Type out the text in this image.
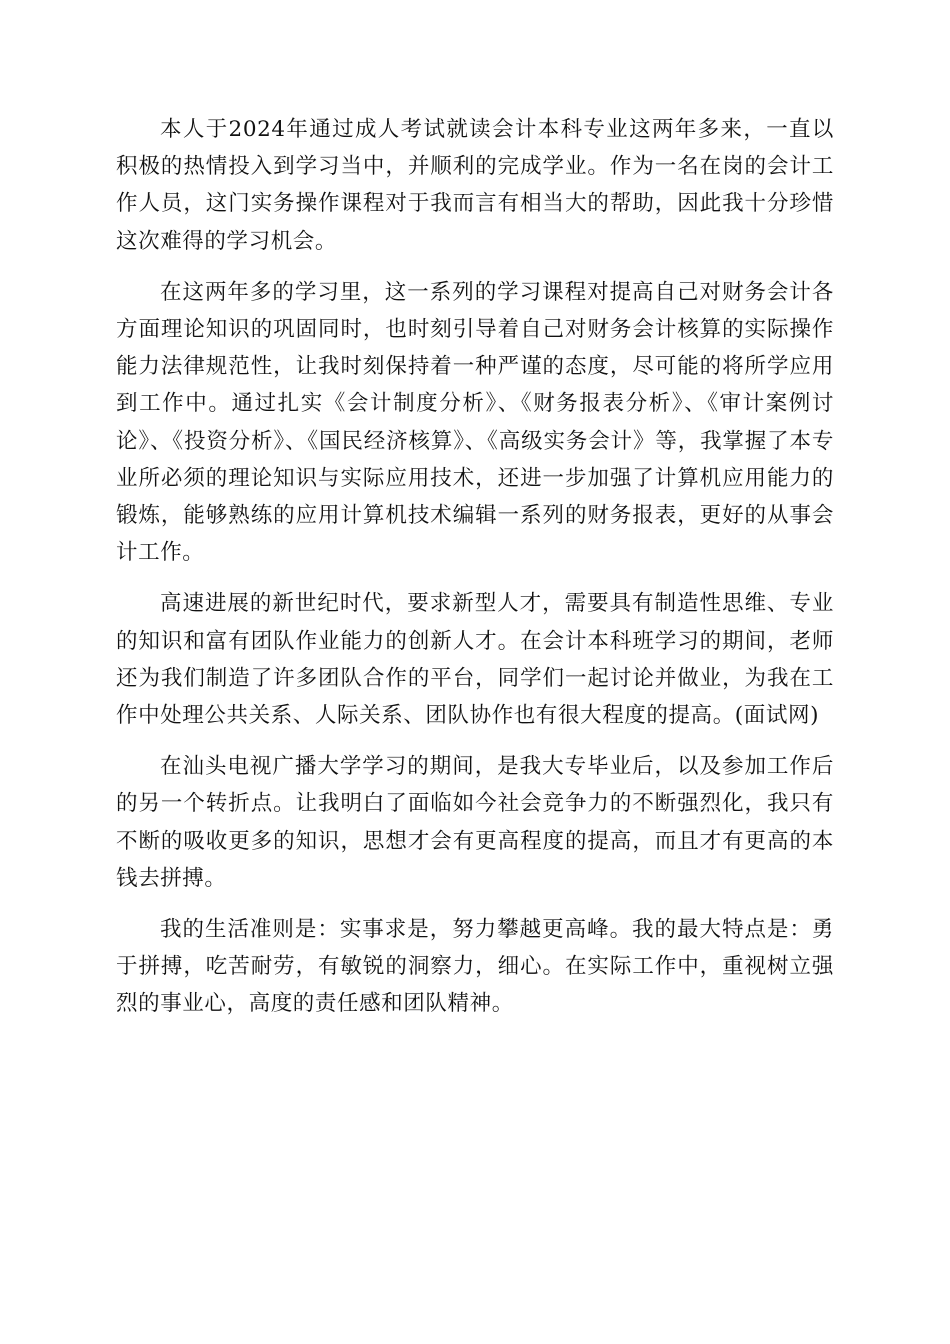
本人于2024年通过成人考试就读会计本科专业这两年多来，一直以积极的热情投入到学习当中，并顺利的完成学业。作为一名在岗的会计工作人员，这门实务操作课程对于我而言有相当大的帮助，因此我十分珍惜这次难得的学习机会。

在这两年多的学习里，这一系列的学习课程对提高自己对财务会计各方面理论知识的巩固同时，也时刻引导着自己对财务会计核算的实际操作能力法律规范性，让我时刻保持着一种严谨的态度，尽可能的将所学应用到工作中。通过扎实《会计制度分析》、《财务报表分析》、《审计案例讨论》、《投资分析》、《国民经济核算》、《高级实务会计》等，我掌握了本专业所必须的理论知识与实际应用技术，还进一步加强了计算机应用能力的锻炼，能够熟练的应用计算机技术编辑一系列的财务报表，更好的从事会计工作。

高速进展的新世纪时代，要求新型人才，需要具有制造性思维、专业的知识和富有团队作业能力的创新人才。在会计本科班学习的期间，老师还为我们制造了许多团队合作的平台，同学们一起讨论并做业，为我在工作中处理公共关系、人际关系、团队协作也有很大程度的提高。(面试网)

在汕头电视广播大学学习的期间，是我大专毕业后，以及参加工作后的另一个转折点。让我明白了面临如今社会竞争力的不断强烈化，我只有不断的吸收更多的知识，思想才会有更高程度的提高，而且才有更高的本钱去拼搏。

我的生活准则是：实事求是，努力攀越更高峰。我的最大特点是：勇于拼搏，吃苦耐劳，有敏锐的洞察力，细心。在实际工作中，重视树立强烈的事业心，高度的责任感和团队精神。
